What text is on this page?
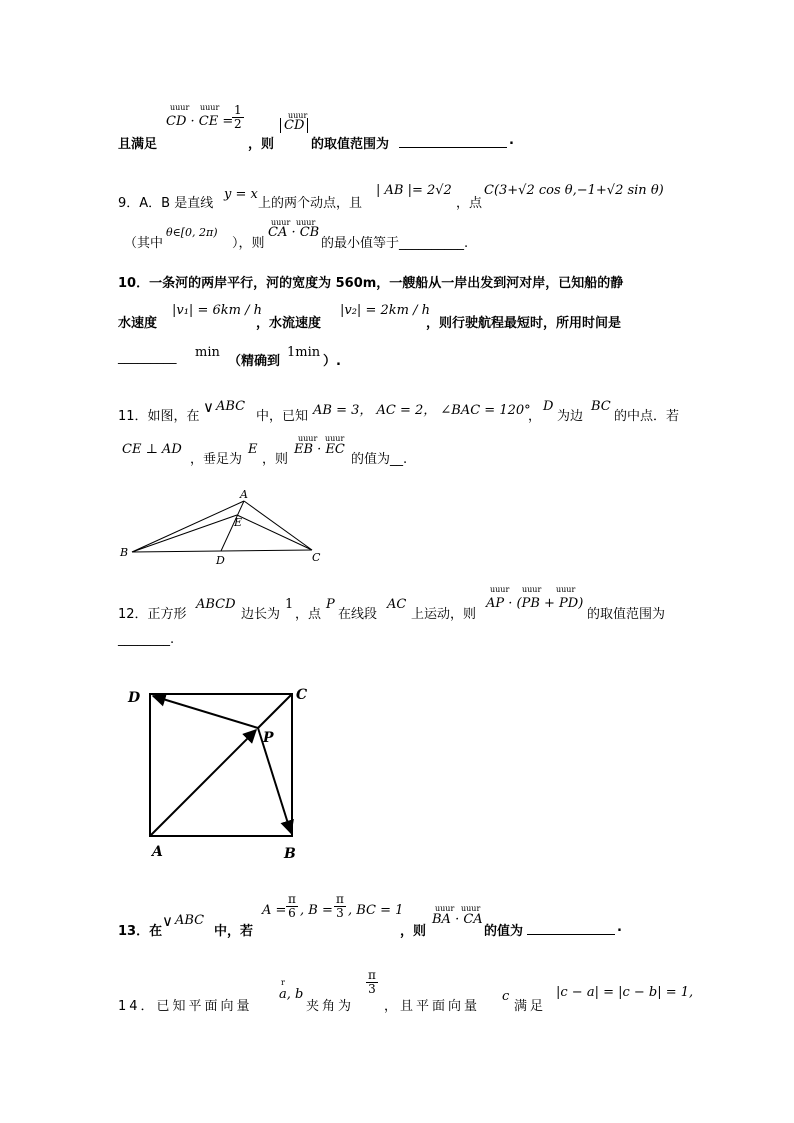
uuur uuur
CD · CE =
$\frac{1}{2}$
且满足	，则
uuur
CD
的取值范围为	.
9．A．B 是直线
y = x
上的两个动点，且
| AB |= 2√2
，点
C(3+√2 cos θ,−1+√2 sin θ)
（其中
θ∈[0, 2π)
），则
uuur uuur
CA · CB
的最小值等于__________.
10．一条河的两岸平行，河的宽度为 560m，一艘船从一岸出发到河对岸，已知船的静
水速度
|v₁| = 6km / h
，水流速度
|v₂| = 2km / h
，则行驶航程最短时，所用时间是
_________ min
（精确到
1min
）.
11．如图，在
∨ ABC
中，已知 AB = 3， AC = 2， ∠BAC = 120°
，
D
为边
BC
的中点．若
CE ⊥ AD
，垂足为
E
，则
uuur uuur
EB · EC
的值为__.
A
B	C
D
E
12．正方形
ABCD
边长为
1
，点
P
在线段
AC
上运动，则
uuur uuur uuur
AP · (PB + PD)
的取值范围为
________.
D	C
P
A	B
13．在
∨ ABC
中，若
$A = \frac{\pi}{6}$ , $B = \frac{\pi}{3}$ , BC = 1
，则
uuur uuur
BA · CA
的值为	.
14．已知平面向量
r
a, b
夹角为
$\frac{\pi}{3}$
，且平面向量
c
满足
|c − a| = |c − b| = 1,
